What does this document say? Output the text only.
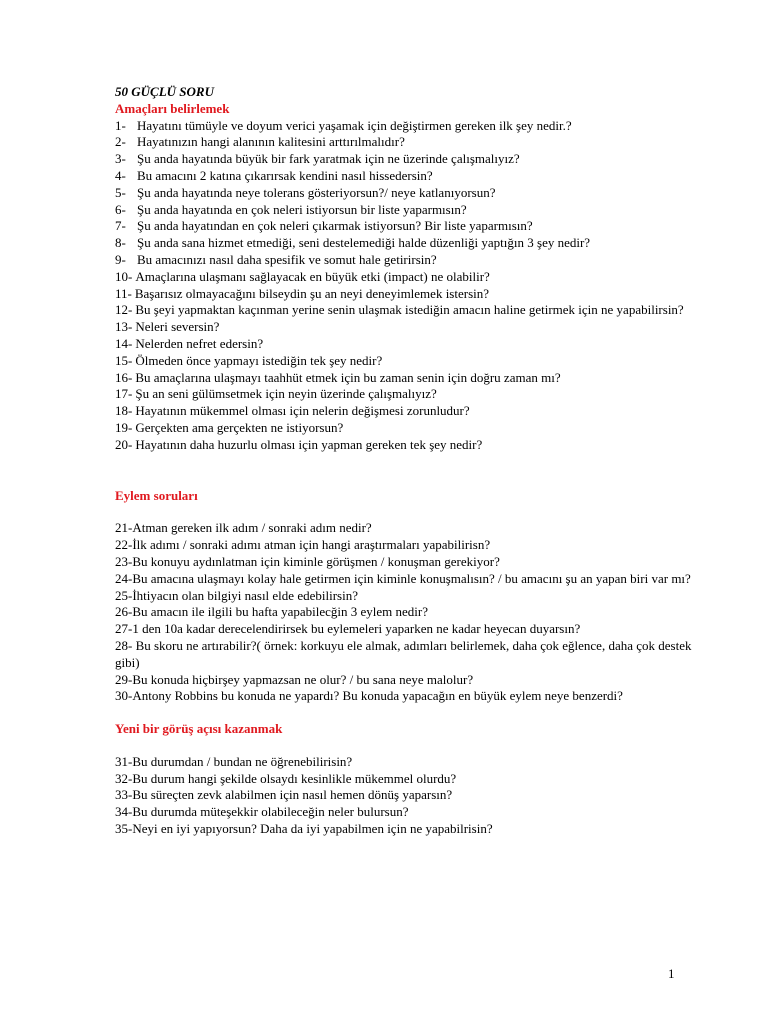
50 GÜÇLÜ SORU
Amaçları belirlemek
1- Hayatını tümüyle ve doyum verici yaşamak için değiştirmen gereken ilk şey nedir.?
2- Hayatınızın hangi alanının kalitesini arttırılmalıdır?
3- Şu anda hayatında büyük bir fark yaratmak için ne üzerinde çalışmalıyız?
4- Bu amacını 2 katına çıkarırsak kendini nasıl hissedersin?
5- Şu anda hayatında neye tolerans gösteriyorsun?/ neye katlanıyorsun?
6- Şu anda hayatında en çok neleri istiyorsun bir liste yaparmısın?
7- Şu anda hayatından en çok neleri çıkarmak istiyorsun? Bir liste yaparmısın?
8- Şu anda sana hizmet etmediği, seni destelemediği halde düzenliği yaptığın 3 şey nedir?
9- Bu amacınızı nasıl daha spesifik ve somut hale getirirsin?
10- Amaçlarına ulaşmanı sağlayacak en büyük etki (impact) ne olabilir?
11- Başarısız olmayacağını bilseydin şu an neyi deneyimlemek istersin?
12- Bu şeyi yapmaktan kaçınman yerine senin ulaşmak istediğin amacın haline getirmek için ne yapabilirsin?
13- Neleri seversin?
14- Nelerden nefret edersin?
15- Ölmeden önce yapmayı istediğin tek şey nedir?
16- Bu amaçlarına ulaşmayı taahhüt etmek için bu zaman senin için doğru zaman mı?
17- Şu an seni gülümsetmek için neyin üzerinde çalışmalıyız?
18- Hayatının mükemmel olması için nelerin değişmesi zorunludur?
19- Gerçekten ama gerçekten ne istiyorsun?
20- Hayatının daha huzurlu olması için yapman gereken tek şey nedir?
Eylem soruları

21-Atman gereken ilk adım / sonraki adım nedir?

22-İlk adımı / sonraki adımı atman için hangi araştırmaları yapabilirisn?

23-Bu konuyu aydınlatman için kiminle görüşmen / konuşman gerekiyor?

24-Bu amacına ulaşmayı kolay hale getirmen için kiminle konuşmalısın? / bu amacını şu an yapan biri var mı?

25-İhtiyacın olan bilgiyi nasıl elde edebilirsin?

26-Bu amacın ile ilgili bu hafta yapabilecğin 3 eylem nedir?

27-1 den 10a kadar derecelendirirsek bu eylemeleri yaparken ne kadar heyecan duyarsın?

28- Bu skoru ne artırabilir?( örnek: korkuyu ele almak, adımları belirlemek, daha çok eğlence, daha çok destek gibi)

29-Bu konuda hiçbirşey yapmazsan ne olur? / bu sana neye malolur?

30-Antony Robbins bu konuda ne yapardı? Bu konuda yapacağın en büyük eylem neye benzerdi?

Yeni bir görüş açısı kazanmak

31-Bu durumdan / bundan ne öğrenebilirisin?

32-Bu durum hangi şekilde olsaydı kesinlikle mükemmel olurdu?

33-Bu süreçten zevk alabilmen için nasıl hemen dönüş yaparsın?

34-Bu durumda müteşekkir olabileceğin neler bulursun?

35-Neyi en iyi yapıyorsun? Daha da iyi yapabilmen için ne yapabilrisin?

1
